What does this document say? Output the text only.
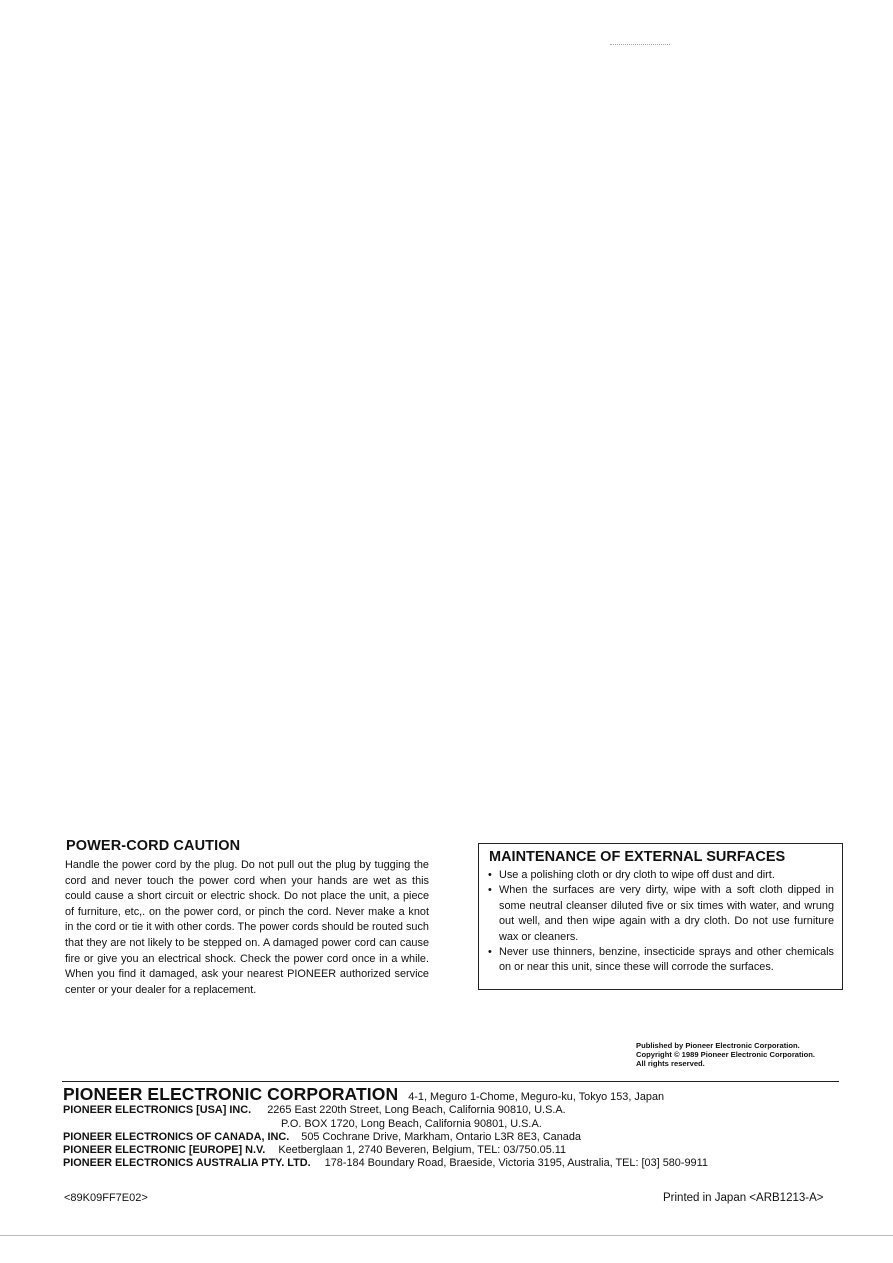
POWER-CORD CAUTION

Handle the power cord by the plug. Do not pull out the plug by tugging the cord and never touch the power cord when your hands are wet as this could cause a short circuit or electric shock. Do not place the unit, a piece of furniture, etc,. on the power cord, or pinch the cord. Never make a knot in the cord or tie it with other cords. The power cords should be routed such that they are not likely to be stepped on. A damaged power cord can cause fire or give you an electrical shock. Check the power cord once in a while. When you find it damaged, ask your nearest PIONEER authorized service center or your dealer for a replacement.

MAINTENANCE OF EXTERNAL SURFACES
• Use a polishing cloth or dry cloth to wipe off dust and dirt.
• When the surfaces are very dirty, wipe with a soft cloth dipped in some neutral cleanser diluted five or six times with water, and wrung out well, and then wipe again with a dry cloth. Do not use furniture wax or cleaners.
• Never use thinners, benzine, insecticide sprays and other chemicals on or near this unit, since these will corrode the surfaces.
Published by Pioneer Electronic Corporation.
Copyright © 1989 Pioneer Electronic Corporation.
All rights reserved.
PIONEER ELECTRONIC CORPORATION 4-1, Meguro 1-Chome, Meguro-ku, Tokyo 153, Japan
PIONEER ELECTRONICS [USA] INC. 2265 East 220th Street, Long Beach, California 90810, U.S.A.
P.O. BOX 1720, Long Beach, California 90801, U.S.A.
PIONEER ELECTRONICS OF CANADA, INC. 505 Cochrane Drive, Markham, Ontario L3R 8E3, Canada
PIONEER ELECTRONIC [EUROPE] N.V. Keetberglaan 1, 2740 Beveren, Belgium, TEL: 03/750.05.11
PIONEER ELECTRONICS AUSTRALIA PTY. LTD. 178-184 Boundary Road, Braeside, Victoria 3195, Australia, TEL: [03] 580-9911
<89K09FF7E02>	Printed in Japan <ARB1213-A>
